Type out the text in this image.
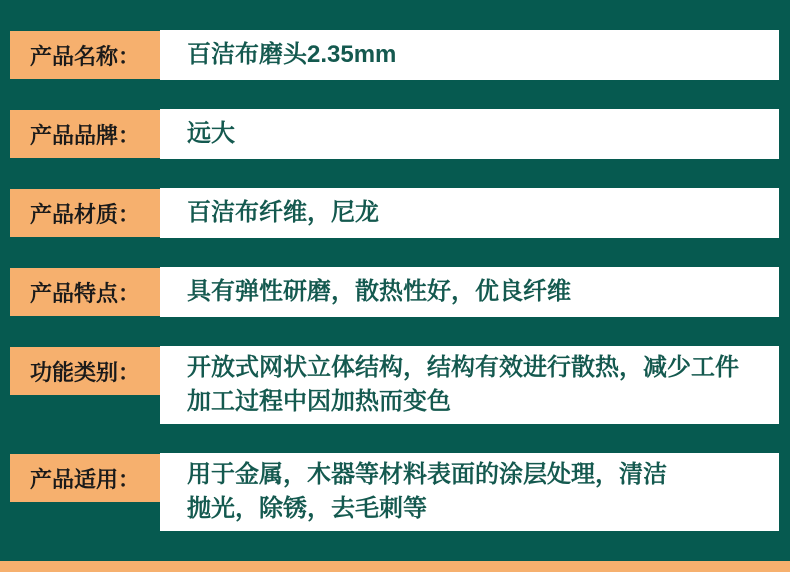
产品名称：	百洁布磨头2.35mm
产品品牌：	远大
产品材质：	百洁布纤维，尼龙
产品特点：	具有弹性研磨，散热性好，优良纤维
功能类别：	开放式网状立体结构，结构有效进行散热，减少工件
加工过程中因加热而变色
产品适用：	用于金属，木器等材料表面的涂层处理，清洁
抛光，除锈，去毛刺等
